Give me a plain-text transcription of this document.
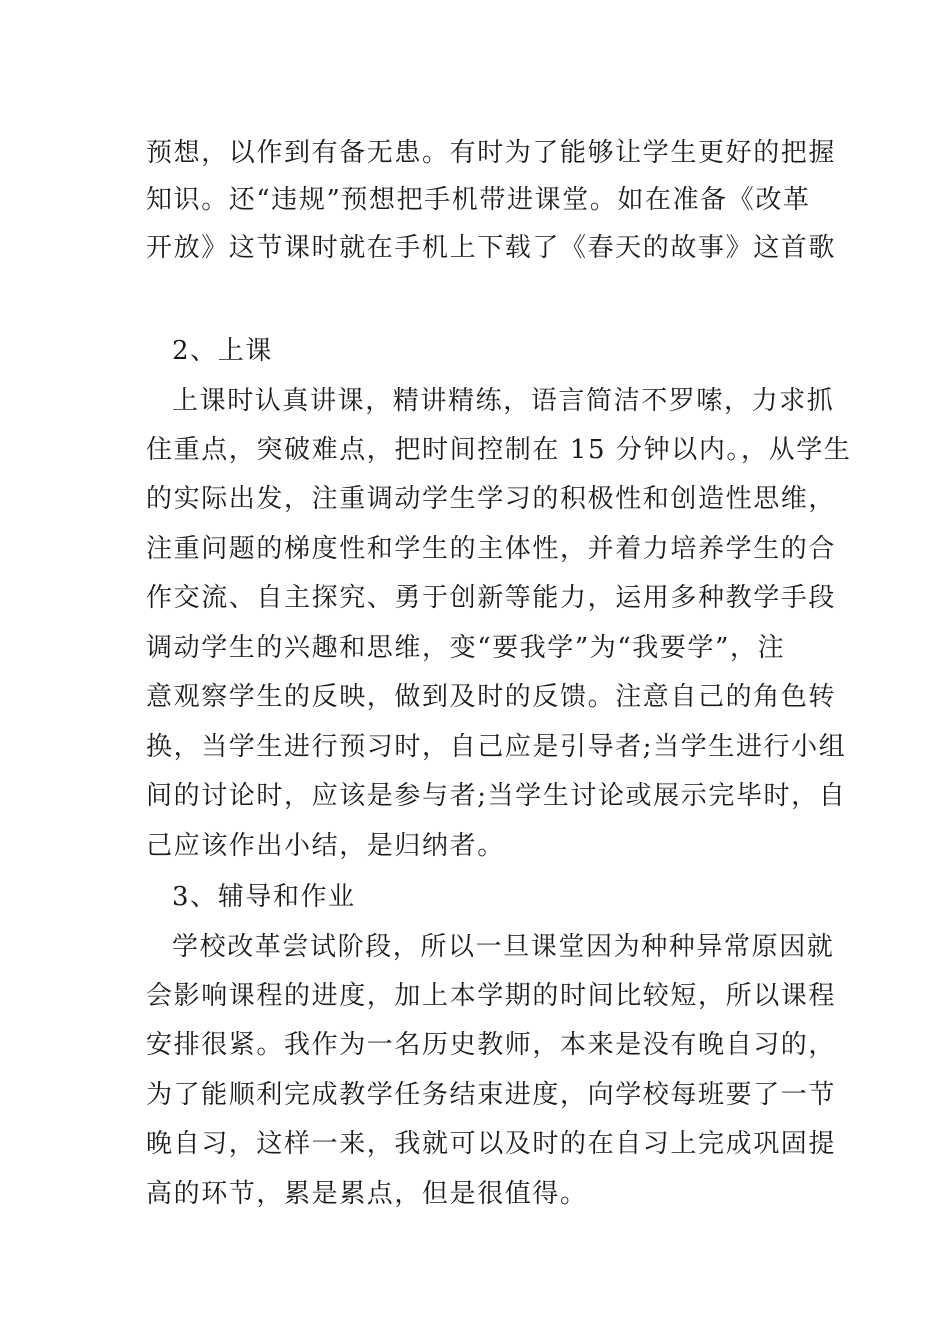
预想，以作到有备无患。有时为了能够让学生更好的把握
知识。还“违规”预想把手机带进课堂。如在准备《改革
开放》这节课时就在手机上下载了《春天的故事》这首歌
2、上课
上课时认真讲课，精讲精练，语言简洁不罗嗦，力求抓
住重点，突破难点，把时间控制在 15 分钟以内。，从学生
的实际出发，注重调动学生学习的积极性和创造性思维，
注重问题的梯度性和学生的主体性，并着力培养学生的合
作交流、自主探究、勇于创新等能力，运用多种教学手段
调动学生的兴趣和思维，变“要我学”为“我要学”，注
意观察学生的反映，做到及时的反馈。注意自己的角色转
换，当学生进行预习时，自己应是引导者;当学生进行小组
间的讨论时，应该是参与者;当学生讨论或展示完毕时，自
己应该作出小结，是归纳者。
3、辅导和作业
学校改革尝试阶段，所以一旦课堂因为种种异常原因就
会影响课程的进度，加上本学期的时间比较短，所以课程
安排很紧。我作为一名历史教师，本来是没有晚自习的，
为了能顺利完成教学任务结束进度，向学校每班要了一节
晚自习，这样一来，我就可以及时的在自习上完成巩固提
高的环节，累是累点，但是很值得。
